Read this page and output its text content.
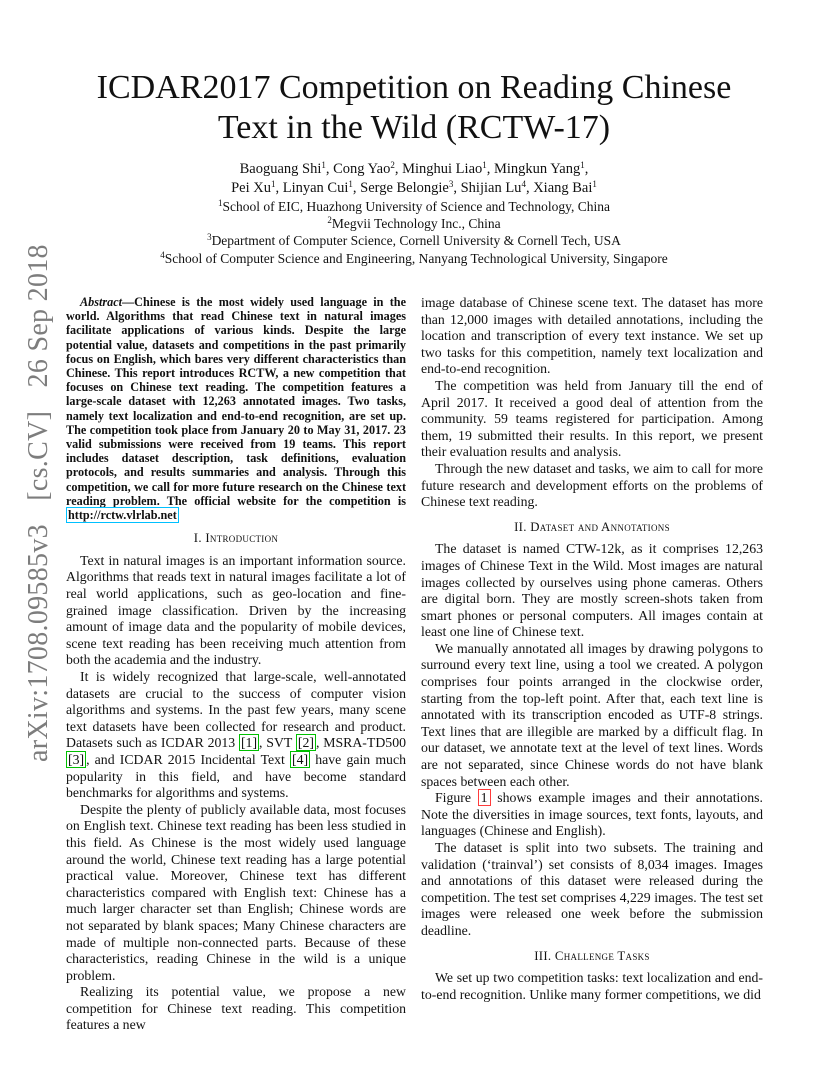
arXiv:1708.09585v3 [cs.CV] 26 Sep 2018
ICDAR2017 Competition on Reading Chinese Text in the Wild (RCTW-17)

Baoguang Shi$^1$, Cong Yao$^2$, Minghui Liao$^1$, Mingkun Yang$^1$,

Pei Xu$^1$, Linyan Cui$^1$, Serge Belongie$^3$, Shijian Lu$^4$, Xiang Bai$^1$

$^1$School of EIC, Huazhong University of Science and Technology, China

$^2$Megvii Technology Inc., China

$^3$Department of Computer Science, Cornell University & Cornell Tech, USA

$^4$School of Computer Science and Engineering, Nanyang Technological University, Singapore

Abstract—Chinese is the most widely used language in the world. Algorithms that read Chinese text in natural images facilitate applications of various kinds. Despite the large potential value, datasets and competitions in the past primarily focus on English, which bares very different characteristics than Chinese. This report introduces RCTW, a new competition that focuses on Chinese text reading. The competition features a large-scale dataset with 12,263 annotated images. Two tasks, namely text localization and end-to-end recognition, are set up. The competition took place from January 20 to May 31, 2017. 23 valid submissions were received from 19 teams. This report includes dataset description, task definitions, evaluation protocols, and results summaries and analysis. Through this competition, we call for more future research on the Chinese text reading problem. The official website for the competition is http://rctw.vlrlab.net

I. Introduction

Text in natural images is an important information source. Algorithms that reads text in natural images facilitate a lot of real world applications, such as geo-location and fine-grained image classification. Driven by the increasing amount of image data and the popularity of mobile devices, scene text reading has been receiving much attention from both the academia and the industry.

It is widely recognized that large-scale, well-annotated datasets are crucial to the success of computer vision algorithms and systems. In the past few years, many scene text datasets have been collected for research and product. Datasets such as ICDAR 2013 [1] , SVT [2] , MSRA-TD500 [3] , and ICDAR 2015 Incidental Text [4] have gain much popularity in this field, and have become standard benchmarks for algorithms and systems.

Despite the plenty of publicly available data, most focuses on English text. Chinese text reading has been less studied in this field. As Chinese is the most widely used language around the world, Chinese text reading has a large potential practical value. Moreover, Chinese text has different characteristics compared with English text: Chinese has a much larger character set than English; Chinese words are not separated by blank spaces; Many Chinese characters are made of multiple non-connected parts. Because of these characteristics, reading Chinese in the wild is a unique problem.

Realizing its potential value, we propose a new competition for Chinese text reading. This competition features a new

image database of Chinese scene text. The dataset has more than 12,000 images with detailed annotations, including the location and transcription of every text instance. We set up two tasks for this competition, namely text localization and end-to-end recognition.

The competition was held from January till the end of April 2017. It received a good deal of attention from the community. 59 teams registered for participation. Among them, 19 submitted their results. In this report, we present their evaluation results and analysis.

Through the new dataset and tasks, we aim to call for more future research and development efforts on the problems of Chinese text reading.

II. Dataset and Annotations

The dataset is named CTW-12k, as it comprises 12,263 images of Chinese Text in the Wild. Most images are natural images collected by ourselves using phone cameras. Others are digital born. They are mostly screen-shots taken from smart phones or personal computers. All images contain at least one line of Chinese text.

We manually annotated all images by drawing polygons to surround every text line, using a tool we created. A polygon comprises four points arranged in the clockwise order, starting from the top-left point. After that, each text line is annotated with its transcription encoded as UTF-8 strings. Text lines that are illegible are marked by a difficult flag. In our dataset, we annotate text at the level of text lines. Words are not separated, since Chinese words do not have blank spaces between each other.

Figure 1 shows example images and their annotations. Note the diversities in image sources, text fonts, layouts, and languages (Chinese and English).

The dataset is split into two subsets. The training and validation (‘trainval’) set consists of 8,034 images. Images and annotations of this dataset were released during the competition. The test set comprises 4,229 images. The test set images were released one week before the submission deadline.

III. Challenge Tasks

We set up two competition tasks: text localization and end-to-end recognition. Unlike many former competitions, we did
